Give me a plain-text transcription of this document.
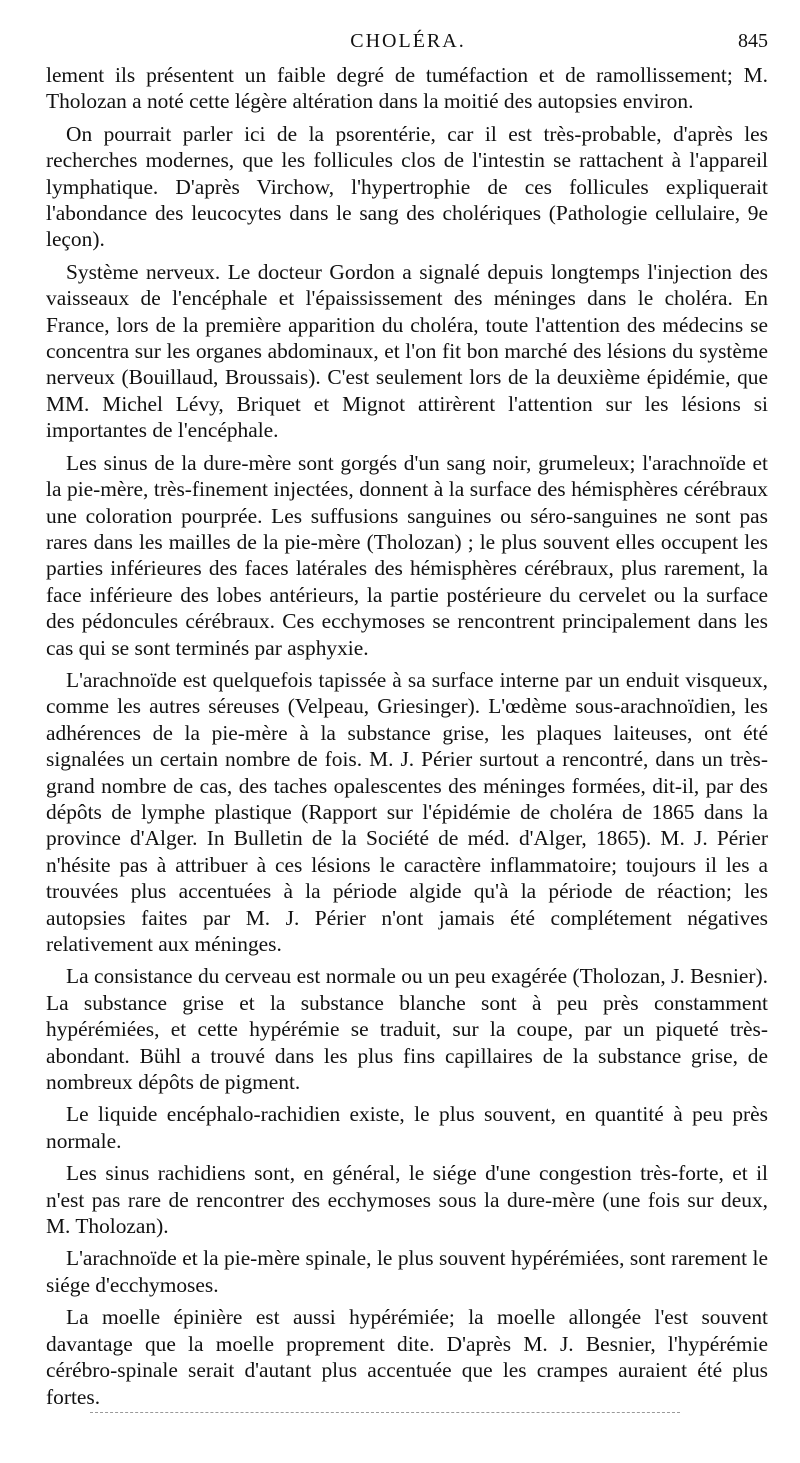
CHOLÉRA.	845

lement ils présentent un faible degré de tuméfaction et de ramollissement; M. Tholozan a noté cette légère altération dans la moitié des autopsies environ.

On pourrait parler ici de la psorentérie, car il est très-probable, d'après les recherches modernes, que les follicules clos de l'intestin se rattachent à l'appareil lymphatique. D'après Virchow, l'hypertrophie de ces follicules expliquerait l'abondance des leucocytes dans le sang des cholériques (Pathologie cellulaire, 9e leçon).

Système nerveux. Le docteur Gordon a signalé depuis longtemps l'injection des vaisseaux de l'encéphale et l'épaississement des méninges dans le choléra. En France, lors de la première apparition du choléra, toute l'attention des médecins se concentra sur les organes abdominaux, et l'on fit bon marché des lésions du système nerveux (Bouillaud, Broussais). C'est seulement lors de la deuxième épidémie, que MM. Michel Lévy, Briquet et Mignot attirèrent l'attention sur les lésions si importantes de l'encéphale.

Les sinus de la dure-mère sont gorgés d'un sang noir, grumeleux; l'arachnoïde et la pie-mère, très-finement injectées, donnent à la surface des hémisphères cérébraux une coloration pourprée. Les suffusions sanguines ou séro-sanguines ne sont pas rares dans les mailles de la pie-mère (Tholozan) ; le plus souvent elles occupent les parties inférieures des faces latérales des hémisphères cérébraux, plus rarement, la face inférieure des lobes antérieurs, la partie postérieure du cervelet ou la surface des pédoncules cérébraux. Ces ecchymoses se rencontrent principalement dans les cas qui se sont terminés par asphyxie.

L'arachnoïde est quelquefois tapissée à sa surface interne par un enduit visqueux, comme les autres séreuses (Velpeau, Griesinger). L'œdème sous-arachnoïdien, les adhérences de la pie-mère à la substance grise, les plaques laiteuses, ont été signalées un certain nombre de fois. M. J. Périer surtout a rencontré, dans un très-grand nombre de cas, des taches opalescentes des méninges formées, dit-il, par des dépôts de lymphe plastique (Rapport sur l'épidémie de choléra de 1865 dans la province d'Alger. In Bulletin de la Société de méd. d'Alger, 1865). M. J. Périer n'hésite pas à attribuer à ces lésions le caractère inflammatoire; toujours il les a trouvées plus accentuées à la période algide qu'à la période de réaction; les autopsies faites par M. J. Périer n'ont jamais été complétement négatives relativement aux méninges.

La consistance du cerveau est normale ou un peu exagérée (Tholozan, J. Besnier). La substance grise et la substance blanche sont à peu près constamment hypérémiées, et cette hypérémie se traduit, sur la coupe, par un piqueté très-abondant. Bühl a trouvé dans les plus fins capillaires de la substance grise, de nombreux dépôts de pigment.

Le liquide encéphalo-rachidien existe, le plus souvent, en quantité à peu près normale.

Les sinus rachidiens sont, en général, le siége d'une congestion très-forte, et il n'est pas rare de rencontrer des ecchymoses sous la dure-mère (une fois sur deux, M. Tholozan).

L'arachnoïde et la pie-mère spinale, le plus souvent hypérémiées, sont rarement le siége d'ecchymoses.

La moelle épinière est aussi hypérémiée; la moelle allongée l'est souvent davantage que la moelle proprement dite. D'après M. J. Besnier, l'hypérémie cérébro-spinale serait d'autant plus accentuée que les crampes auraient été plus fortes.
